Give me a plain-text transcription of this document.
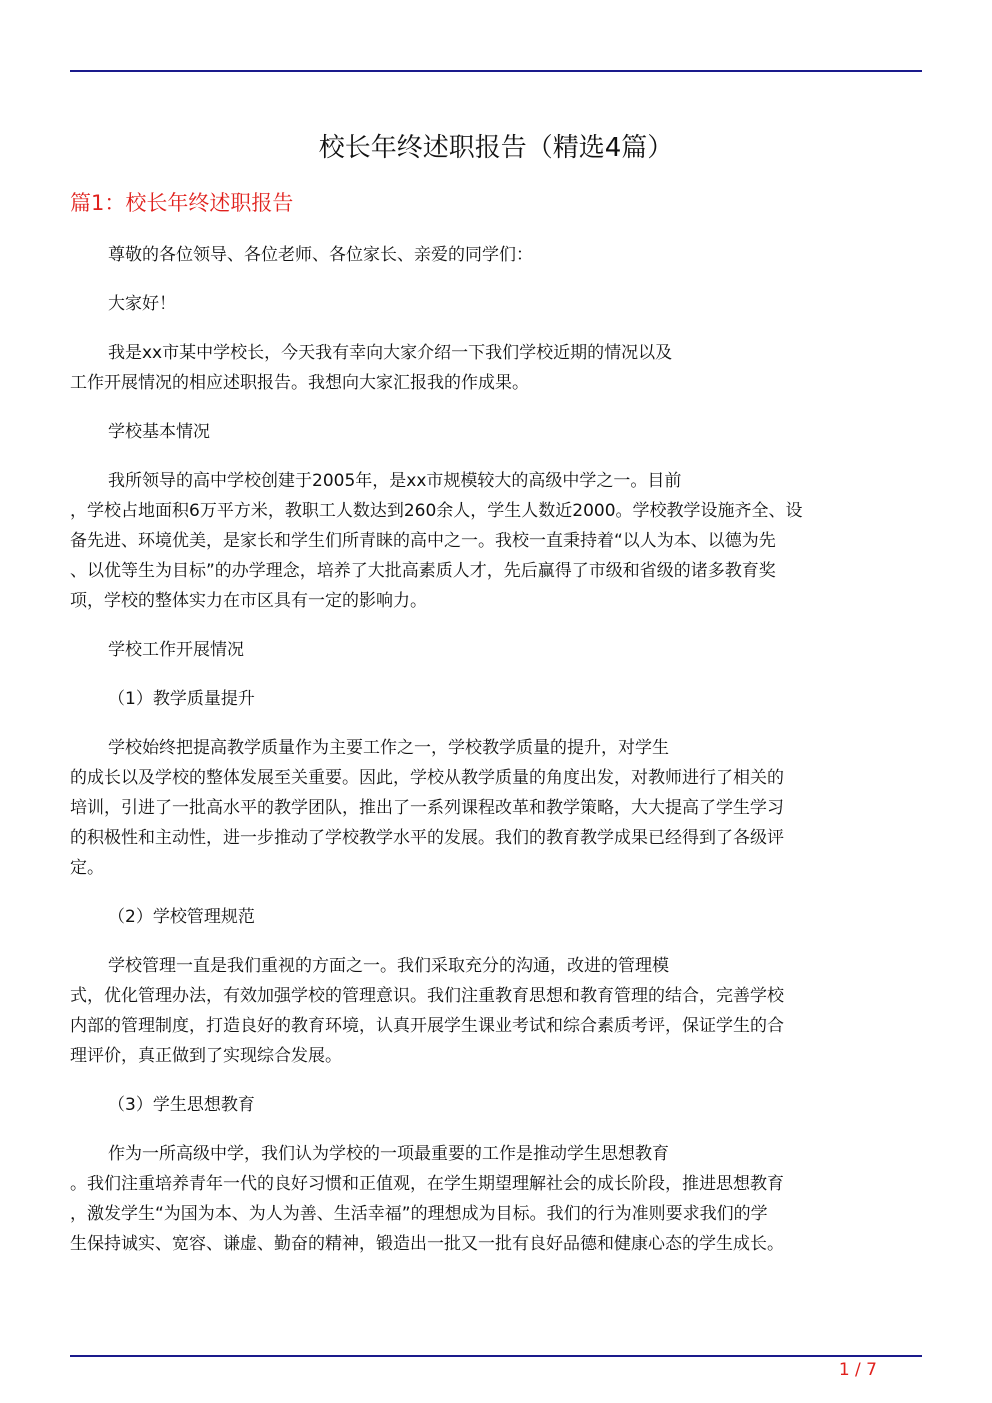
校长年终述职报告（精选4篇）
篇1：校长年终述职报告

尊敬的各位领导、各位老师、各位家长、亲爱的同学们：

大家好！

我是xx市某中学校长，今天我有幸向大家介绍一下我们学校近期的情况以及
工作开展情况的相应述职报告。我想向大家汇报我的作成果。

学校基本情况

我所领导的高中学校创建于2005年，是xx市规模较大的高级中学之一。目前
，学校占地面积6万平方米，教职工人数达到260余人，学生人数近2000。学校教学设施齐全、设
备先进、环境优美，是家长和学生们所青睐的高中之一。我校一直秉持着“以人为本、以德为先
、以优等生为目标”的办学理念，培养了大批高素质人才，先后赢得了市级和省级的诸多教育奖
项，学校的整体实力在市区具有一定的影响力。

学校工作开展情况

（1）教学质量提升

学校始终把提高教学质量作为主要工作之一，学校教学质量的提升，对学生
的成长以及学校的整体发展至关重要。因此，学校从教学质量的角度出发，对教师进行了相关的
培训，引进了一批高水平的教学团队，推出了一系列课程改革和教学策略，大大提高了学生学习
的积极性和主动性，进一步推动了学校教学水平的发展。我们的教育教学成果已经得到了各级评
定。

（2）学校管理规范

学校管理一直是我们重视的方面之一。我们采取充分的沟通，改进的管理模
式，优化管理办法，有效加强学校的管理意识。我们注重教育思想和教育管理的结合，完善学校
内部的管理制度，打造良好的教育环境，认真开展学生课业考试和综合素质考评，保证学生的合
理评价，真正做到了实现综合发展。

（3）学生思想教育

作为一所高级中学，我们认为学校的一项最重要的工作是推动学生思想教育
。我们注重培养青年一代的良好习惯和正值观，在学生期望理解社会的成长阶段，推进思想教育
，激发学生“为国为本、为人为善、生活幸福”的理想成为目标。我们的行为准则要求我们的学
生保持诚实、宽容、谦虚、勤奋的精神，锻造出一批又一批有良好品德和健康心态的学生成长。

1 / 7
